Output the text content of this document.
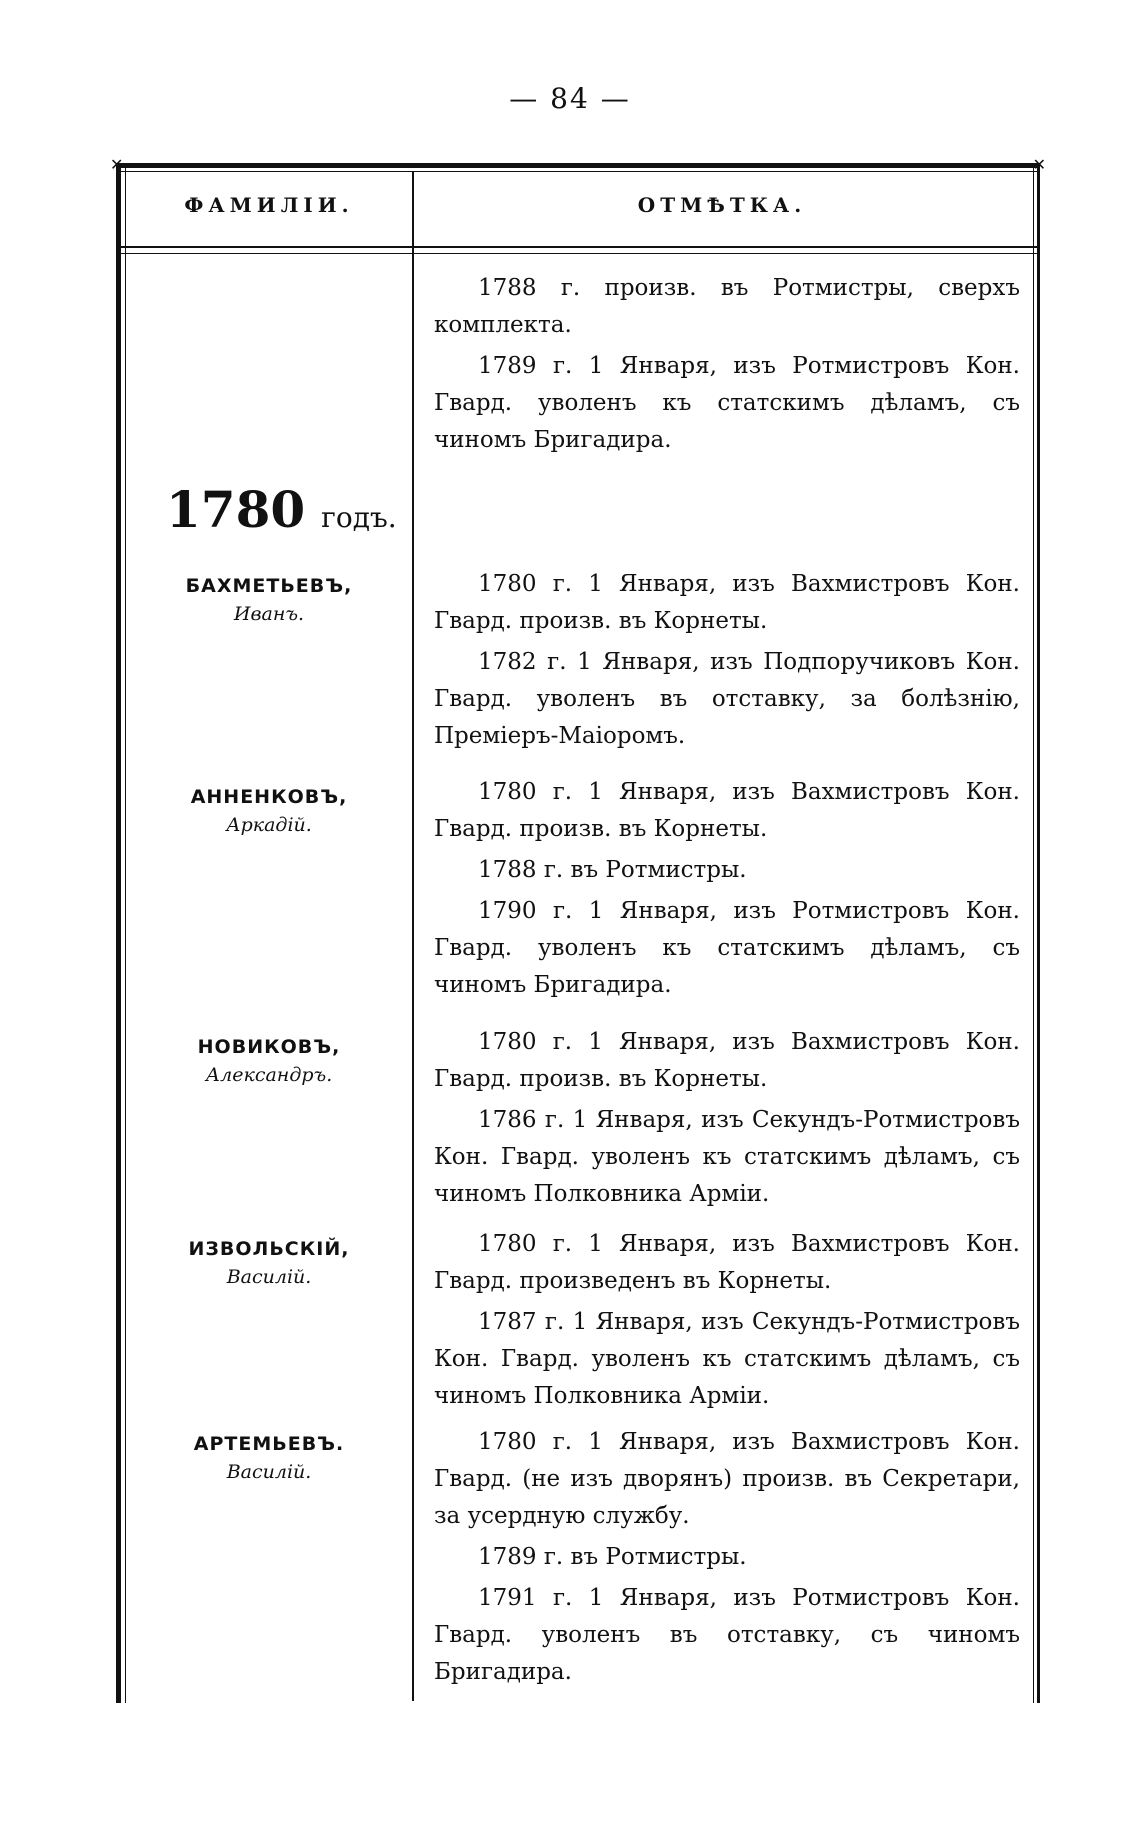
— 84 —
✕	✕
ФАМИЛIИ.	ОТМѢТКА.
1788 г. произв. въ Ротмистры, сверхъ комплекта.
1789 г. 1 Января, изъ Ротмистровъ Кон. Гвард. уволенъ къ статскимъ дѣламъ, съ чиномъ Бригадира.
1780 годъ.
БАХМЕТЬЕВЪ,
Иванъ.
1780 г. 1 Января, изъ Вахмистровъ Кон. Гвард. произв. въ Корнеты.
1782 г. 1 Января, изъ Подпоручиковъ Кон. Гвард. уволенъ въ отставку, за болѣзнiю, Премiеръ-Маiоромъ.
АННЕНКОВЪ,
Аркадiй.
1780 г. 1 Января, изъ Вахмистровъ Кон. Гвард. произв. въ Корнеты.
1788 г. въ Ротмистры.
1790 г. 1 Января, изъ Ротмистровъ Кон. Гвард. уволенъ къ статскимъ дѣламъ, съ чиномъ Бригадира.
НОВИКОВЪ,
Александръ.
1780 г. 1 Января, изъ Вахмистровъ Кон. Гвард. произв. въ Корнеты.
1786 г. 1 Января, изъ Секундъ-Ротмистровъ Кон. Гвард. уволенъ къ статскимъ дѣламъ, съ чиномъ Полковника Армiи.
ИЗВОЛЬСКIЙ,
Василiй.
1780 г. 1 Января, изъ Вахмистровъ Кон. Гвард. произведенъ въ Корнеты.
1787 г. 1 Января, изъ Секундъ-Ротмистровъ Кон. Гвард. уволенъ къ статскимъ дѣламъ, съ чиномъ Полковника Армiи.
АРТЕМЬЕВЪ.
Василiй.
1780 г. 1 Января, изъ Вахмистровъ Кон. Гвард. (не изъ дворянъ) произв. въ Секретари, за усердную службу.
1789 г. въ Ротмистры.
1791 г. 1 Января, изъ Ротмистровъ Кон. Гвард. уволенъ въ отставку, съ чиномъ Бригадира.
